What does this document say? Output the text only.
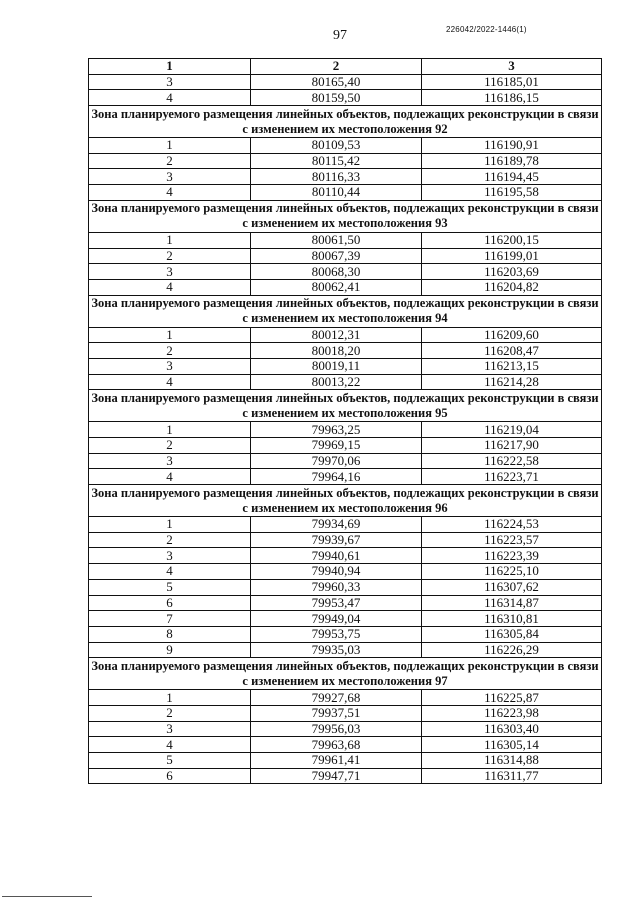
97	226042/2022-1446(1)
1	2	3
3	80165,40	116185,01
4	80159,50	116186,15
Зона планируемого размещения линейных объектов, подлежащих реконструкции в связи с изменением их местоположения 92		
1	80109,53	116190,91
2	80115,42	116189,78
3	80116,33	116194,45
4	80110,44	116195,58
Зона планируемого размещения линейных объектов, подлежащих реконструкции в связи с изменением их местоположения 93		
1	80061,50	116200,15
2	80067,39	116199,01
3	80068,30	116203,69
4	80062,41	116204,82
Зона планируемого размещения линейных объектов, подлежащих реконструкции в связи с изменением их местоположения 94		
1	80012,31	116209,60
2	80018,20	116208,47
3	80019,11	116213,15
4	80013,22	116214,28
Зона планируемого размещения линейных объектов, подлежащих реконструкции в связи с изменением их местоположения 95		
1	79963,25	116219,04
2	79969,15	116217,90
3	79970,06	116222,58
4	79964,16	116223,71
Зона планируемого размещения линейных объектов, подлежащих реконструкции в связи с изменением их местоположения 96		
1	79934,69	116224,53
2	79939,67	116223,57
3	79940,61	116223,39
4	79940,94	116225,10
5	79960,33	116307,62
6	79953,47	116314,87
7	79949,04	116310,81
8	79953,75	116305,84
9	79935,03	116226,29
Зона планируемого размещения линейных объектов, подлежащих реконструкции в связи с изменением их местоположения 97		
1	79927,68	116225,87
2	79937,51	116223,98
3	79956,03	116303,40
4	79963,68	116305,14
5	79961,41	116314,88
6	79947,71	116311,77
